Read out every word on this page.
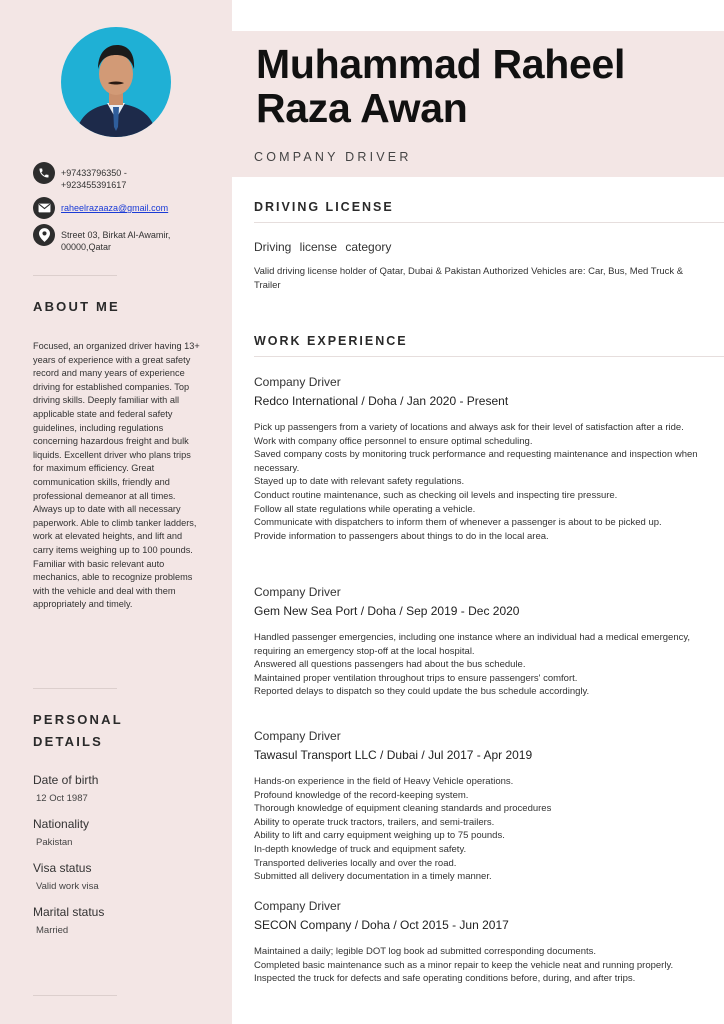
+97433796350 - +923455391617
raheelrazaaza@gmail.com
Street 03, Birkat Al-Awamir, 00000,Qatar
ABOUT ME
Focused, an organized driver having 13+ years of experience with a great safety record and many years of experience driving for established companies. Top driving skills. Deeply familiar with all applicable state and federal safety guidelines, including regulations concerning hazardous freight and bulk liquids. Excellent driver who plans trips for maximum efficiency. Great communication skills, friendly and professional demeanor at all times. Always up to date with all necessary paperwork. Able to climb tanker ladders, work at elevated heights, and lift and carry items weighing up to 100 pounds. Familiar with basic relevant auto mechanics, able to recognize problems with the vehicle and deal with them appropriately and timely.
PERSONAL
DETAILS
Date of birth
12 Oct 1987
Nationality
Pakistan
Visa status
Valid work visa
Marital status
Married
Muhammad Raheel Raza Awan
COMPANY DRIVER
DRIVING LICENSE
Driving license category
Valid driving license holder of Qatar, Dubai & Pakistan Authorized Vehicles are: Car, Bus, Med Truck & Trailer
WORK EXPERIENCE
Company Driver
Redco International / Doha / Jan 2020 - Present
Pick up passengers from a variety of locations and always ask for their level of satisfaction after a ride.
Work with company office personnel to ensure optimal scheduling.
Saved company costs by monitoring truck performance and requesting maintenance and inspection when necessary.
Stayed up to date with relevant safety regulations.
Conduct routine maintenance, such as checking oil levels and inspecting tire pressure.
Follow all state regulations while operating a vehicle.
Communicate with dispatchers to inform them of whenever a passenger is about to be picked up.
Provide information to passengers about things to do in the local area.
Company Driver
Gem New Sea Port / Doha / Sep 2019 - Dec 2020
Handled passenger emergencies, including one instance where an individual had a medical emergency, requiring an emergency stop-off at the local hospital.
Answered all questions passengers had about the bus schedule.
Maintained proper ventilation throughout trips to ensure passengers' comfort.
Reported delays to dispatch so they could update the bus schedule accordingly.
Company Driver
Tawasul Transport LLC / Dubai / Jul 2017 - Apr 2019
Hands-on experience in the field of Heavy Vehicle operations.
Profound knowledge of the record-keeping system.
Thorough knowledge of equipment cleaning standards and procedures
Ability to operate truck tractors, trailers, and semi-trailers.
Ability to lift and carry equipment weighing up to 75 pounds.
In-depth knowledge of truck and equipment safety.
Transported deliveries locally and over the road.
Submitted all delivery documentation in a timely manner.
Company Driver
SECON Company / Doha / Oct 2015 - Jun 2017
Maintained a daily; legible DOT log book ad submitted corresponding documents.
Completed basic maintenance such as a minor repair to keep the vehicle neat and running properly.
Inspected the truck for defects and safe operating conditions before, during, and after trips.
